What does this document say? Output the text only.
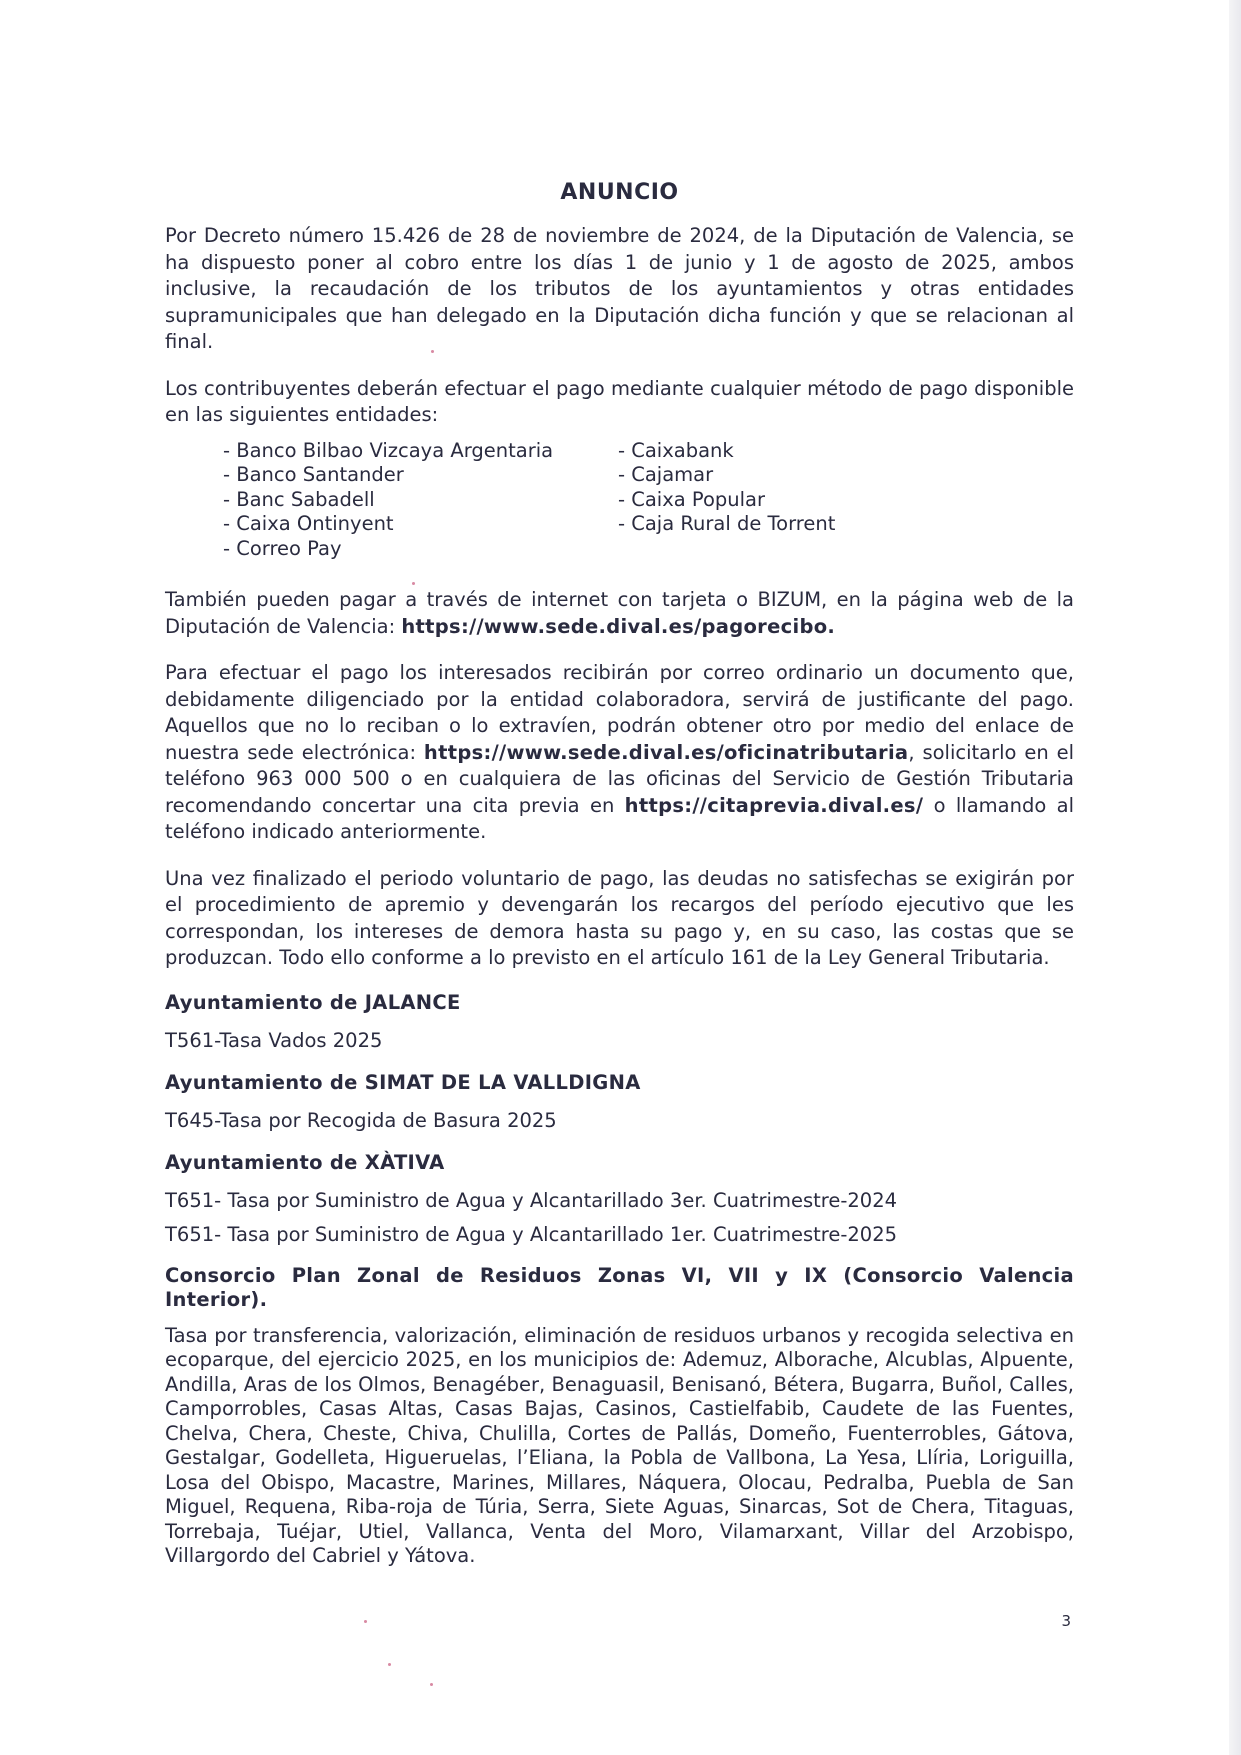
ANUNCIO

Por Decreto número 15.426 de 28 de noviembre de 2024, de la Diputación de Valencia, se ha dispuesto poner al cobro entre los días 1 de junio y 1 de agosto de 2025, ambos inclusive, la recaudación de los tributos de los ayuntamientos y otras entidades supramunicipales que han delegado en la Diputación dicha función y que se relacionan al final.

Los contribuyentes deberán efectuar el pago mediante cualquier método de pago disponible en las siguientes entidades:

- Banco Bilbao Vizcaya Argentaria
- Banco Santander
- Banc Sabadell
- Caixa Ontinyent
- Correo Pay
- Caixabank
- Cajamar
- Caixa Popular
- Caja Rural de Torrent

También pueden pagar a través de internet con tarjeta o BIZUM, en la página web de la Diputación de Valencia: https://www.sede.dival.es/pagorecibo.

Para efectuar el pago los interesados recibirán por correo ordinario un documento que, debidamente diligenciado por la entidad colaboradora, servirá de justificante del pago. Aquellos que no lo reciban o lo extravíen, podrán obtener otro por medio del enlace de nuestra sede electrónica: https://www.sede.dival.es/oficinatributaria, solicitarlo en el teléfono 963 000 500 o en cualquiera de las oficinas del Servicio de Gestión Tributaria recomendando concertar una cita previa en https://citaprevia.dival.es/ o llamando al teléfono indicado anteriormente.

Una vez finalizado el periodo voluntario de pago, las deudas no satisfechas se exigirán por el procedimiento de apremio y devengarán los recargos del período ejecutivo que les correspondan, los intereses de demora hasta su pago y, en su caso, las costas que se produzcan. Todo ello conforme a lo previsto en el artículo 161 de la Ley General Tributaria.

Ayuntamiento de JALANCE
T561-Tasa Vados 2025
Ayuntamiento de SIMAT DE LA VALLDIGNA
T645-Tasa por Recogida de Basura 2025
Ayuntamiento de XÀTIVA
T651- Tasa por Suministro de Agua y Alcantarillado 3er. Cuatrimestre-2024
T651- Tasa por Suministro de Agua y Alcantarillado 1er. Cuatrimestre-2025
Consorcio Plan Zonal de Residuos Zonas VI, VII y IX (Consorcio Valencia Interior).

Tasa por transferencia, valorización, eliminación de residuos urbanos y recogida selectiva en ecoparque, del ejercicio 2025, en los municipios de: Ademuz, Alborache, Alcublas, Alpuente, Andilla, Aras de los Olmos, Benagéber, Benaguasil, Benisanó, Bétera, Bugarra, Buñol, Calles, Camporrobles, Casas Altas, Casas Bajas, Casinos, Castielfabib, Caudete de las Fuentes, Chelva, Chera, Cheste, Chiva, Chulilla, Cortes de Pallás, Domeño, Fuenterrobles, Gátova, Gestalgar, Godelleta, Higueruelas, l’Eliana, la Pobla de Vallbona, La Yesa, Llíria, Loriguilla, Losa del Obispo, Macastre, Marines, Millares, Náquera, Olocau, Pedralba, Puebla de San Miguel, Requena, Riba-roja de Túria, Serra, Siete Aguas, Sinarcas, Sot de Chera, Titaguas, Torrebaja, Tuéjar, Utiel, Vallanca, Venta del Moro, Vilamarxant, Villar del Arzobispo, Villargordo del Cabriel y Yátova.

3
